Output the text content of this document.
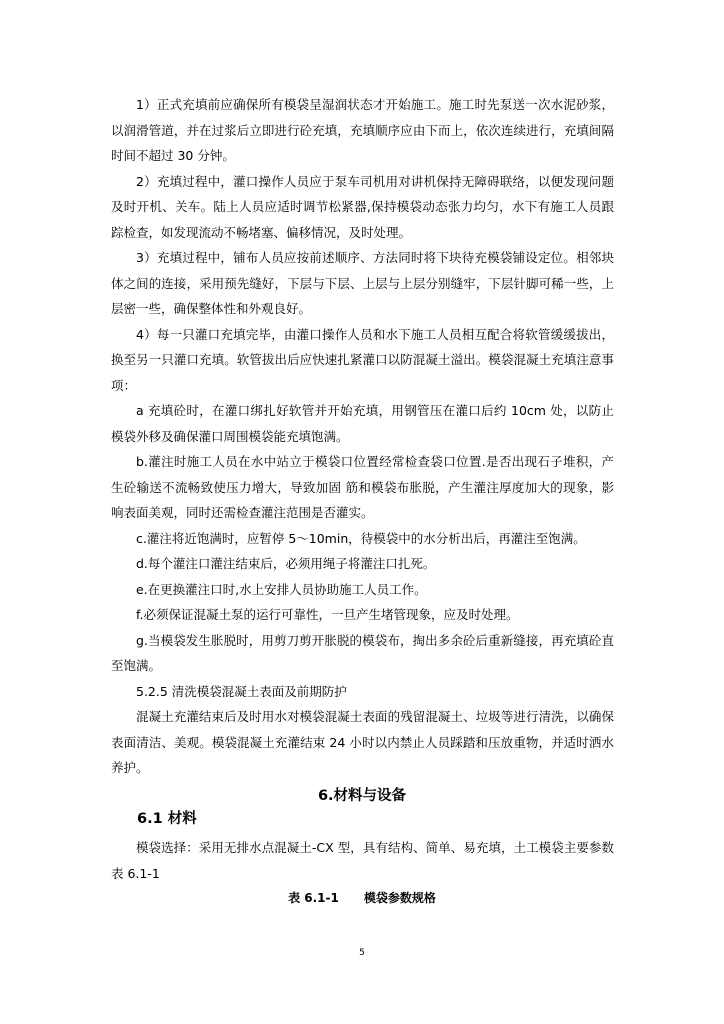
1）正式充填前应确保所有模袋呈湿润状态才开始施工。施工时先泵送一次水泥砂浆，以润滑管道，并在过浆后立即进行砼充填，充填顺序应由下而上，依次连续进行，充填间隔时间不超过 30 分钟。

2）充填过程中，灌口操作人员应于泵车司机用对讲机保持无障碍联络，以便发现问题及时开机、关车。陆上人员应适时调节松紧器,保持模袋动态张力均匀，水下有施工人员跟踪检查，如发现流动不畅堵塞、偏移情况，及时处理。

3）充填过程中，铺布人员应按前述顺序、方法同时将下块待充模袋铺设定位。相邻块体之间的连接，采用预先缝好，下层与下层、上层与上层分别缝牢，下层针脚可稀一些，上层密一些，确保整体性和外观良好。

4）每一只灌口充填完毕，由灌口操作人员和水下施工人员相互配合将软管缓缓拔出，换至另一只灌口充填。软管拔出后应快速扎紧灌口以防混凝土溢出。模袋混凝土充填注意事项：

a 充填砼时，在灌口绑扎好软管并开始充填，用钢管压在灌口后约 10cm 处，以防止模袋外移及确保灌口周围模袋能充填饱满。

b.灌注时施工人员在水中站立于模袋口位置经常检查袋口位置.是否出现石子堆积，产生砼输送不流畅致使压力增大，导致加固 筋和模袋布胀脱，产生灌注厚度加大的现象，影响表面美观，同时还需检查灌注范围是否灌实。

c.灌注将近饱满时，应暂停 5～10min，待模袋中的水分析出后，再灌注至饱满。

d.每个灌注口灌注结束后，必须用绳子将灌注口扎死。

e.在更换灌注口时,水上安排人员协助施工人员工作。

f.必须保证混凝土泵的运行可靠性，一旦产生堵管现象，应及时处理。

g.当模袋发生胀脱时，用剪刀剪开胀脱的模袋布，掏出多余砼后重新缝接，再充填砼直至饱满。

5.2.5 清洗模袋混凝土表面及前期防护

混凝土充灌结束后及时用水对模袋混凝土表面的残留混凝土、垃圾等进行清洗，以确保表面清洁、美观。模袋混凝土充灌结束 24 小时以内禁止人员踩踏和压放重物，并适时洒水养护。

6.材料与设备
6.1 材料

模袋选择：采用无排水点混凝土-CX 型，具有结构、简单、易充填，土工模袋主要参数表 6.1-1

表 6.1-1      模袋参数规格
5
